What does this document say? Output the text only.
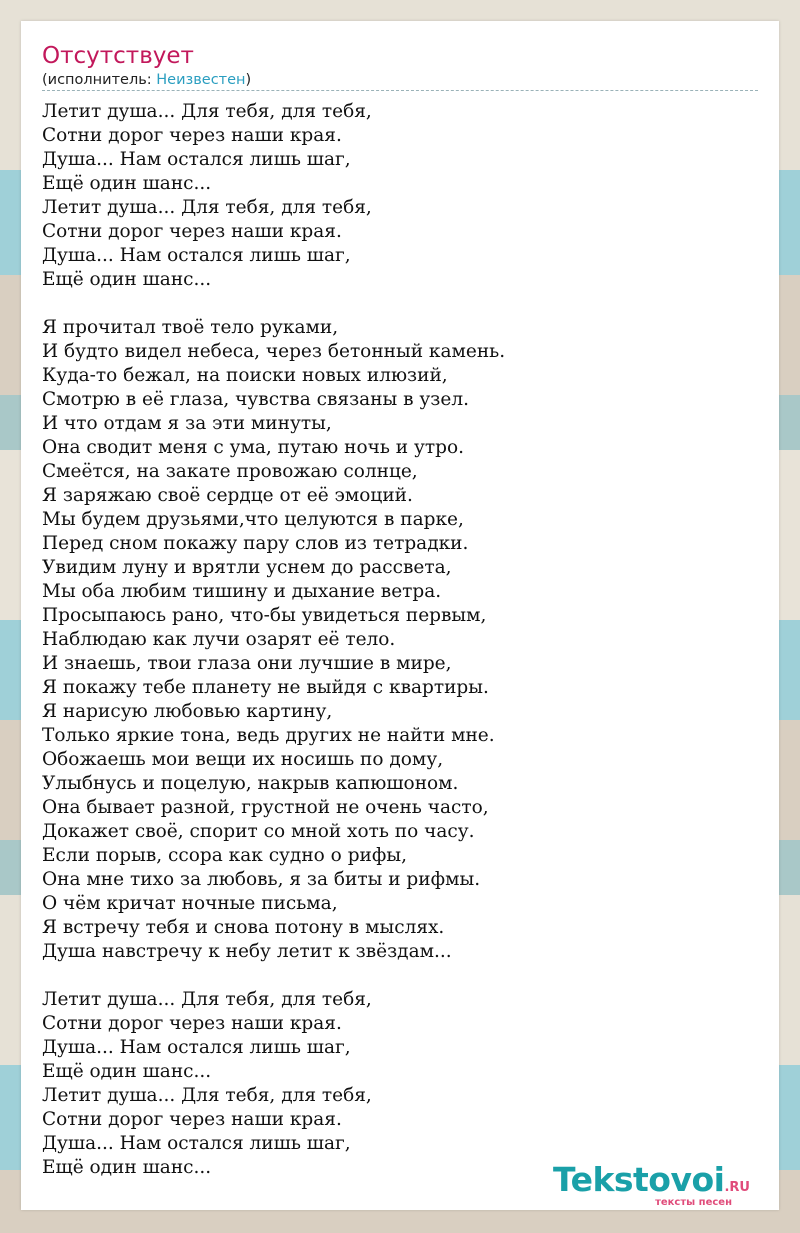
Отсутствует
(исполнитель: Неизвестен)
Летит душа... Для тебя, для тебя,
Сотни дорог через наши края.
Душа... Нам остался лишь шаг,
Ещё один шанс...
Летит душа... Для тебя, для тебя,
Сотни дорог через наши края.
Душа... Нам остался лишь шаг,
Ещё один шанс...
Я прочитал твоё тело руками,
И будто видел небеса, через бетонный камень.
Куда-то бежал, на поиски новых илюзий,
Смотрю в её глаза, чувства связаны в узел.
И что отдам я за эти минуты,
Она сводит меня с ума, путаю ночь и утро.
Смеётся, на закате провожаю солнце,
Я заряжаю своё сердце от её эмоций.
Мы будем друзьями,что целуются в парке,
Перед сном покажу пару слов из тетрадки.
Увидим луну и врятли уснем до рассвета,
Мы оба любим тишину и дыхание ветра.
Просыпаюсь рано, что-бы увидеться первым,
Наблюдаю как лучи озарят её тело.
И знаешь, твои глаза они лучшие в мире,
Я покажу тебе планету не выйдя с квартиры.
Я нарисую любовью картину,
Только яркие тона, ведь других не найти мне.
Обожаешь мои вещи их носишь по дому,
Улыбнусь и поцелую, накрыв капюшоном.
Она бывает разной, грустной не очень часто,
Докажет своё, спорит со мной хоть по часу.
Если порыв, ссора как судно о рифы,
Она мне тихо за любовь, я за биты и рифмы.
О чём кричат ночные письма,
Я встречу тебя и снова потону в мыслях.
Душа навстречу к небу летит к звёздам...
Летит душа... Для тебя, для тебя,
Сотни дорог через наши края.
Душа... Нам остался лишь шаг,
Ещё один шанс...
Летит душа... Для тебя, для тебя,
Сотни дорог через наши края.
Душа... Нам остался лишь шаг,
Ещё один шанс...	Tekstovoi.RU
тексты песен
